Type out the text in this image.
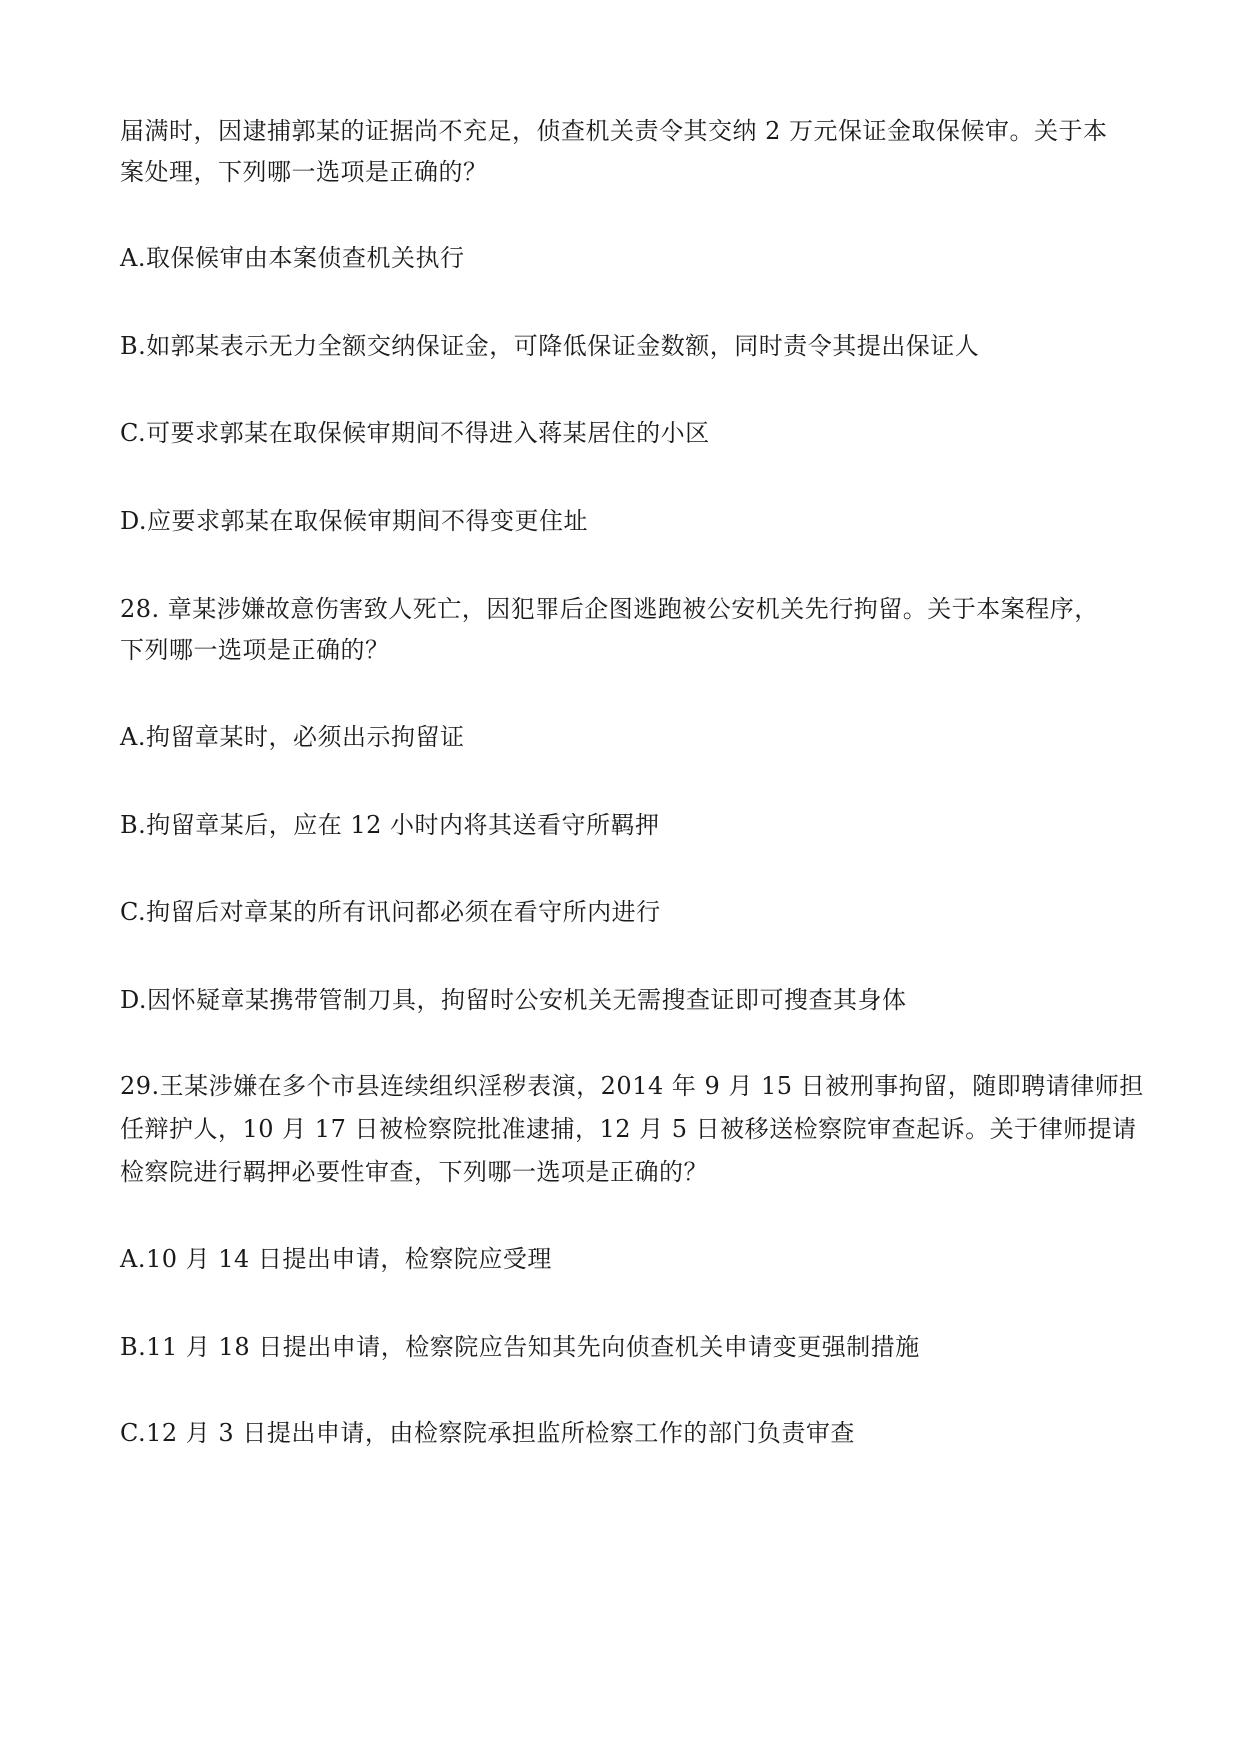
届满时，因逮捕郭某的证据尚不充足，侦查机关责令其交纳 2 万元保证金取保候审。关于本
案处理，下列哪一选项是正确的？
A.取保候审由本案侦查机关执行
B.如郭某表示无力全额交纳保证金，可降低保证金数额，同时责令其提出保证人
C.可要求郭某在取保候审期间不得进入蒋某居住的小区
D.应要求郭某在取保候审期间不得变更住址
28. 章某涉嫌故意伤害致人死亡，因犯罪后企图逃跑被公安机关先行拘留。关于本案程序，
下列哪一选项是正确的？
A.拘留章某时，必须出示拘留证
B.拘留章某后，应在 12 小时内将其送看守所羁押
C.拘留后对章某的所有讯问都必须在看守所内进行
D.因怀疑章某携带管制刀具，拘留时公安机关无需搜查证即可搜查其身体
29.王某涉嫌在多个市县连续组织淫秽表演，2014 年 9 月 15 日被刑事拘留，随即聘请律师担
任辩护人，10 月 17 日被检察院批准逮捕，12 月 5 日被移送检察院审查起诉。关于律师提请
检察院进行羁押必要性审查，下列哪一选项是正确的？
A.10 月 14 日提出申请，检察院应受理
B.11 月 18 日提出申请，检察院应告知其先向侦查机关申请变更强制措施
C.12 月 3 日提出申请，由检察院承担监所检察工作的部门负责审查
